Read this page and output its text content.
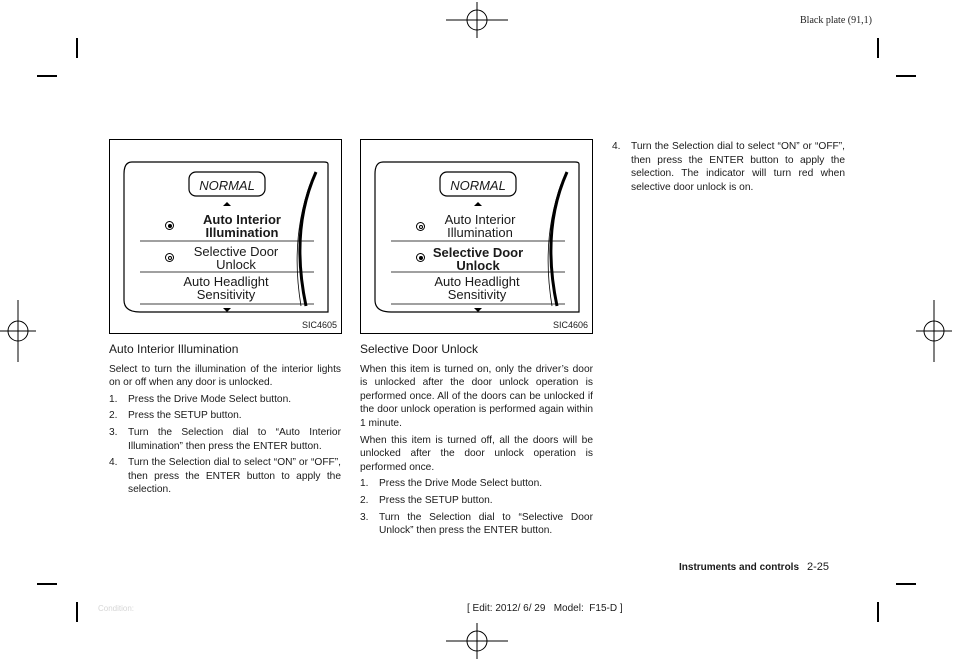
Black plate (91,1)
NORMAL
Auto Interior
Illumination
Selective Door
Unlock
Auto Headlight
Sensitivity
SIC4605
NORMAL
Auto Interior
Illumination
Selective Door
Unlock
Auto Headlight
Sensitivity
SIC4606
Auto Interior Illumination

Select to turn the illumination of the interior lights on or off when any door is unlocked.

1. Press the Drive Mode Select button.
2. Press the SETUP button.
3. Turn the Selection dial to “Auto Interior Illumination” then press the ENTER button.
4. Turn the Selection dial to select “ON” or “OFF”, then press the ENTER button to apply the selection.
Selective Door Unlock

When this item is turned on, only the driver’s door is unlocked after the door unlock operation is performed once. All of the doors can be unlocked if the door unlock operation is performed again within 1 minute.

When this item is turned off, all the doors will be unlocked after the door unlock operation is performed once.

1. Press the Drive Mode Select button.
2. Press the SETUP button.
3. Turn the Selection dial to “Selective Door Unlock” then press the ENTER button.
4. Turn the Selection dial to select “ON” or “OFF”, then press the ENTER button to apply the selection. The indicator will turn red when selective door unlock is on.
Instruments and controls 2-25
[ Edit: 2012/ 6/ 29   Model:  F15-D ]
Condition:
